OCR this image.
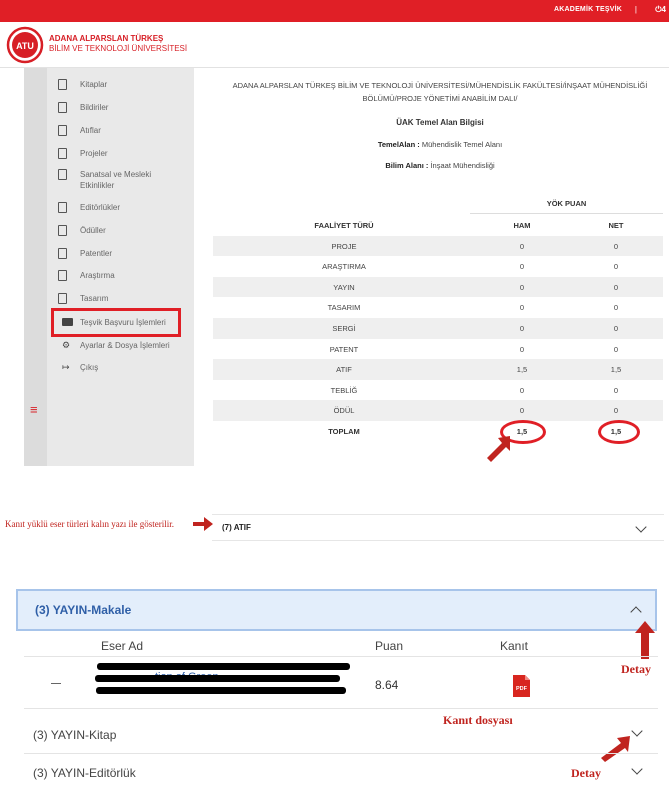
AKADEMİK TEŞVİK | ⏻4
ATU
ADANA ALPARSLAN TÜRKEŞ
BİLİM VE TEKNOLOJİ ÜNİVERSİTESİ
≡
Kitaplar
Bildiriler
Atıflar
Projeler
Sanatsal ve Mesleki
Etkinlikler
Editörlükler
Ödüller
Patentler
Araştırma
Tasarım
Teşvik Başvuru İşlemleri
⚙ Ayarlar & Dosya İşlemleri
↦ Çıkış
ADANA ALPARSLAN TÜRKEŞ BİLİM VE TEKNOLOJİ ÜNİVERSİTESİ/MÜHENDİSLİK FAKÜLTESİ/İNŞAAT MÜHENDİSLİĞİ
BÖLÜMÜ/PROJE YÖNETİMİ ANABİLİM DALI/
ÜAK Temel Alan Bilgisi
TemelAlan : Mühendislik Temel Alanı
Bilim Alanı : İnşaat Mühendisliği
YÖK PUAN
FAALİYET TÜRÜ	HAM	NET
PROJE	0	0
ARAŞTIRMA	0	0
YAYIN	0	0
TASARIM	0	0
SERGİ	0	0
PATENT	0	0
ATIF	1,5	1,5
TEBLİĞ	0	0
ÖDÜL	0	0
TOPLAM	1,5	1,5
Kanıt yüklü eser türleri kalın yazı ile gösterilir.	(7) ATIF
(3) YAYIN-Makale
Detay
Eser Ad	Puan	Kanıt
8.64	PDF
Kanıt dosyası
(3) YAYIN-Kitap
(3) YAYIN-Editörlük	Detay
